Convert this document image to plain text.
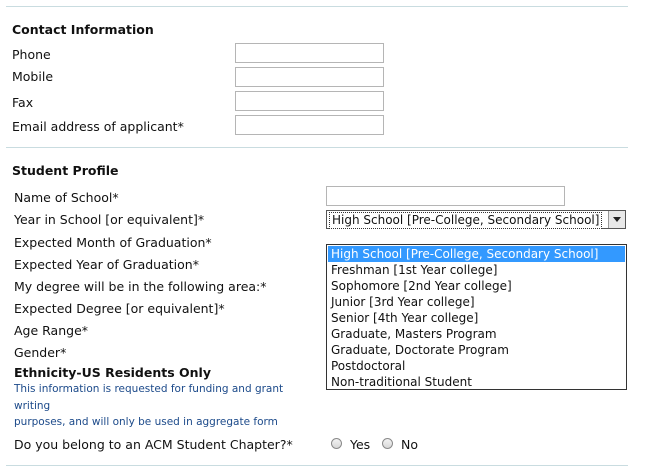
Contact Information
Phone
Mobile
Fax
Email address of applicant*
Student Profile
Name of School*
Year in School [or equivalent]*	High School [Pre-College, Secondary School]
Expected Month of Graduation*
Expected Year of Graduation*
My degree will be in the following area:*
Expected Degree [or equivalent]*
Age Range*
Gender*
Ethnicity-US Residents Only
This information is requested for funding and grant
writing
purposes, and will only be used in aggregate form
Do you belong to an ACM Student Chapter?*	Yes No
High School [Pre-College, Secondary School]
Freshman [1st Year college]
Sophomore [2nd Year college]
Junior [3rd Year college]
Senior [4th Year college]
Graduate, Masters Program
Graduate, Doctorate Program
Postdoctoral
Non-traditional Student
